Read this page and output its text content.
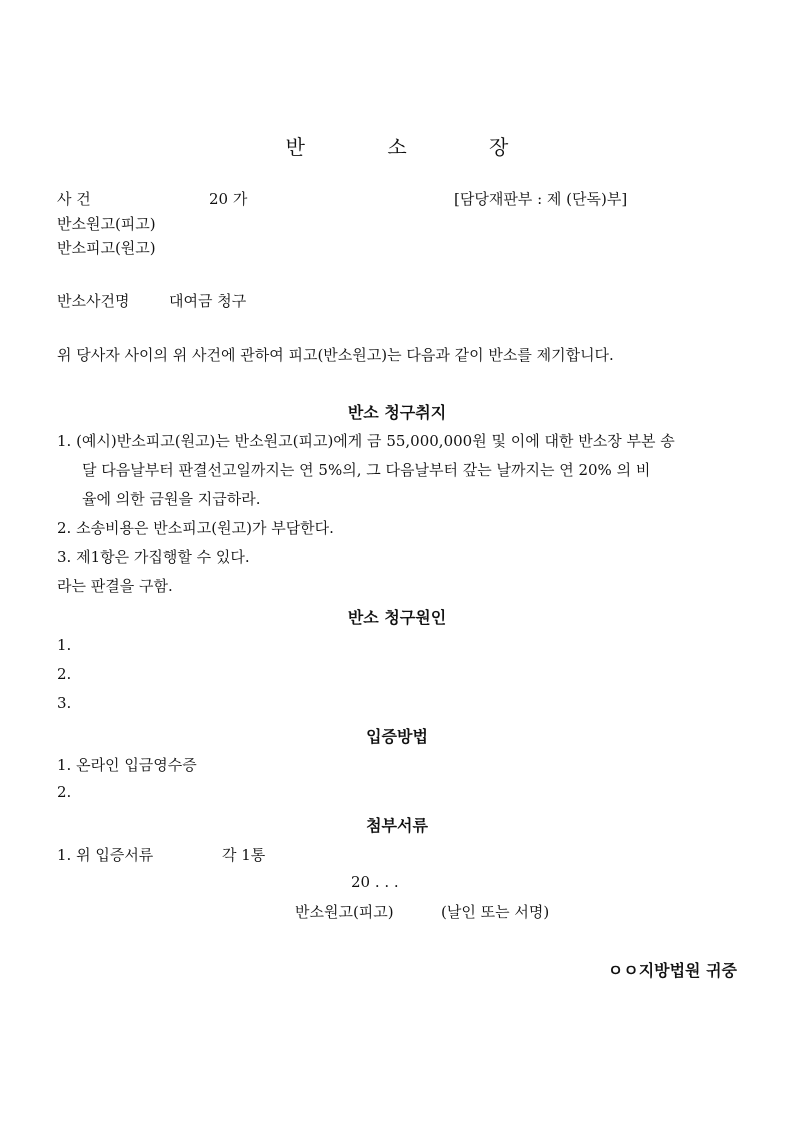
반 소 장
사 건	20 가	[담당재판부 : 제 (단독)부]
반소원고(피고)
반소피고(원고)
반소사건명	대여금 청구
위 당사자 사이의 위 사건에 관하여 피고(반소원고)는 다음과 같이 반소를 제기합니다.
반소 청구취지
1. (예시)반소피고(원고)는 반소원고(피고)에게 금 55,000,000원 및 이에 대한 반소장 부본 송
달 다음날부터 판결선고일까지는 연 5%의, 그 다음날부터 갚는 날까지는 연 20% 의 비
율에 의한 금원을 지급하라.
2. 소송비용은 반소피고(원고)가 부담한다.
3. 제1항은 가집행할 수 있다.
라는 판결을 구함.
반소 청구원인
1.
2.
3.
입증방법
1. 온라인 입금영수증
2.
첨부서류
1. 위 입증서류	각 1통
20 . . .
반소원고(피고)	(날인 또는 서명)
ㅇㅇ지방법원 귀중
